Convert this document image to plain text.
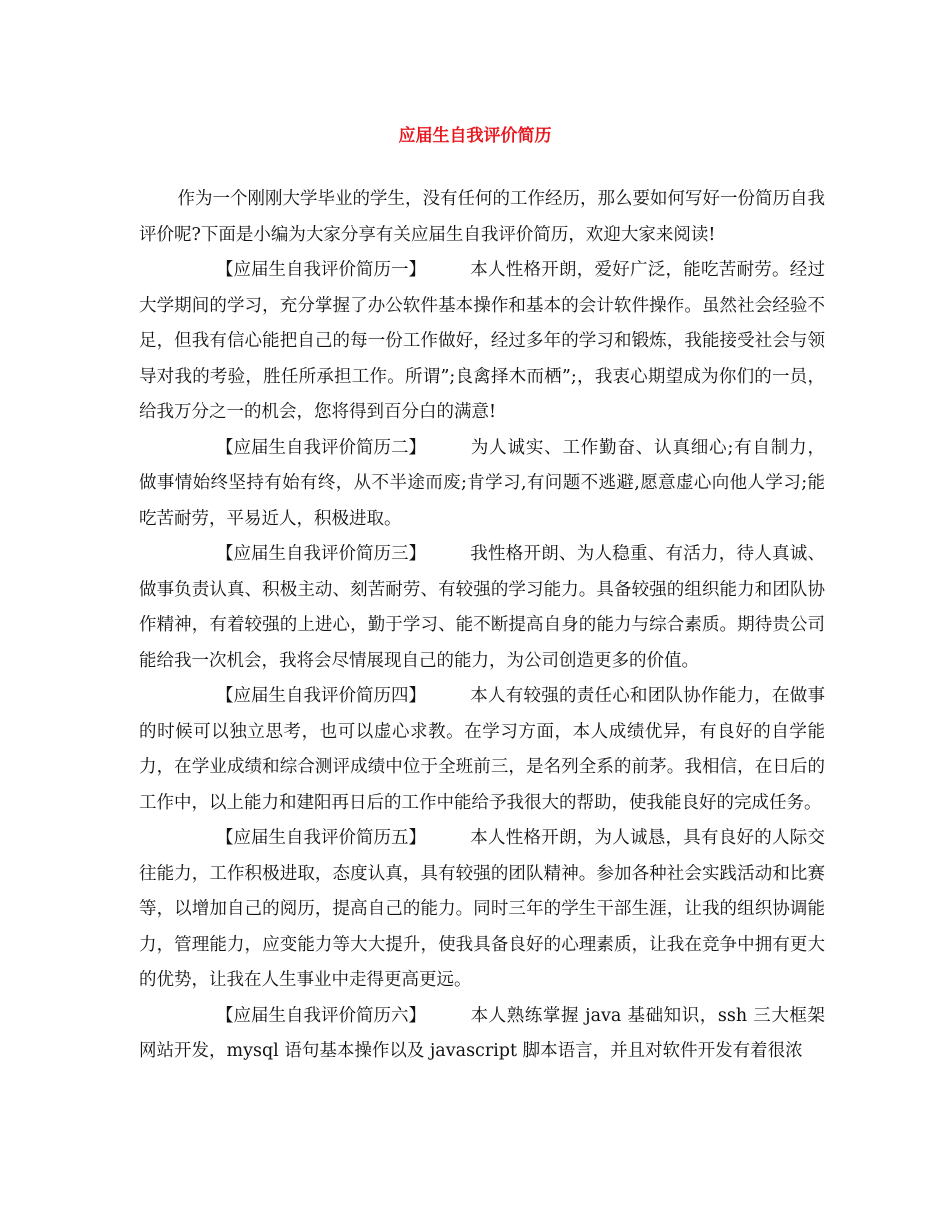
应届生自我评价简历

作为一个刚刚大学毕业的学生，没有任何的工作经历，那么要如何写好一份简历自我评价呢?下面是小编为大家分享有关应届生自我评价简历，欢迎大家来阅读!

【应届生自我评价简历一】	本人性格开朗，爱好广泛，能吃苦耐劳。经过大学期间的学习，充分掌握了办公软件基本操作和基本的会计软件操作。虽然社会经验不足，但我有信心能把自己的每一份工作做好，经过多年的学习和锻炼，我能接受社会与领导对我的考验，胜任所承担工作。所谓”;良禽择木而栖”;，我衷心期望成为你们的一员，给我万分之一的机会，您将得到百分白的满意!

【应届生自我评价简历二】	为人诚实、工作勤奋、认真细心;有自制力，做事情始终坚持有始有终，从不半途而废;肯学习,有问题不逃避,愿意虚心向他人学习;能吃苦耐劳，平易近人，积极进取。

【应届生自我评价简历三】	我性格开朗、为人稳重、有活力，待人真诚、做事负责认真、积极主动、刻苦耐劳、有较强的学习能力。具备较强的组织能力和团队协作精神，有着较强的上进心，勤于学习、能不断提高自身的能力与综合素质。期待贵公司能给我一次机会，我将会尽情展现自己的能力，为公司创造更多的价值。

【应届生自我评价简历四】	本人有较强的责任心和团队协作能力，在做事的时候可以独立思考，也可以虚心求教。在学习方面，本人成绩优异，有良好的自学能力，在学业成绩和综合测评成绩中位于全班前三，是名列全系的前茅。我相信，在日后的工作中，以上能力和建阳再日后的工作中能给予我很大的帮助，使我能良好的完成任务。

【应届生自我评价简历五】	本人性格开朗，为人诚恳，具有良好的人际交往能力，工作积极进取，态度认真，具有较强的团队精神。参加各种社会实践活动和比赛等，以增加自己的阅历，提高自己的能力。同时三年的学生干部生涯，让我的组织协调能力，管理能力，应变能力等大大提升，使我具备良好的心理素质，让我在竞争中拥有更大的优势，让我在人生事业中走得更高更远。

【应届生自我评价简历六】	本人熟练掌握 java 基础知识，ssh 三大框架网站开发，mysql 语句基本操作以及 javascript 脚本语言，并且对软件开发有着很浓
